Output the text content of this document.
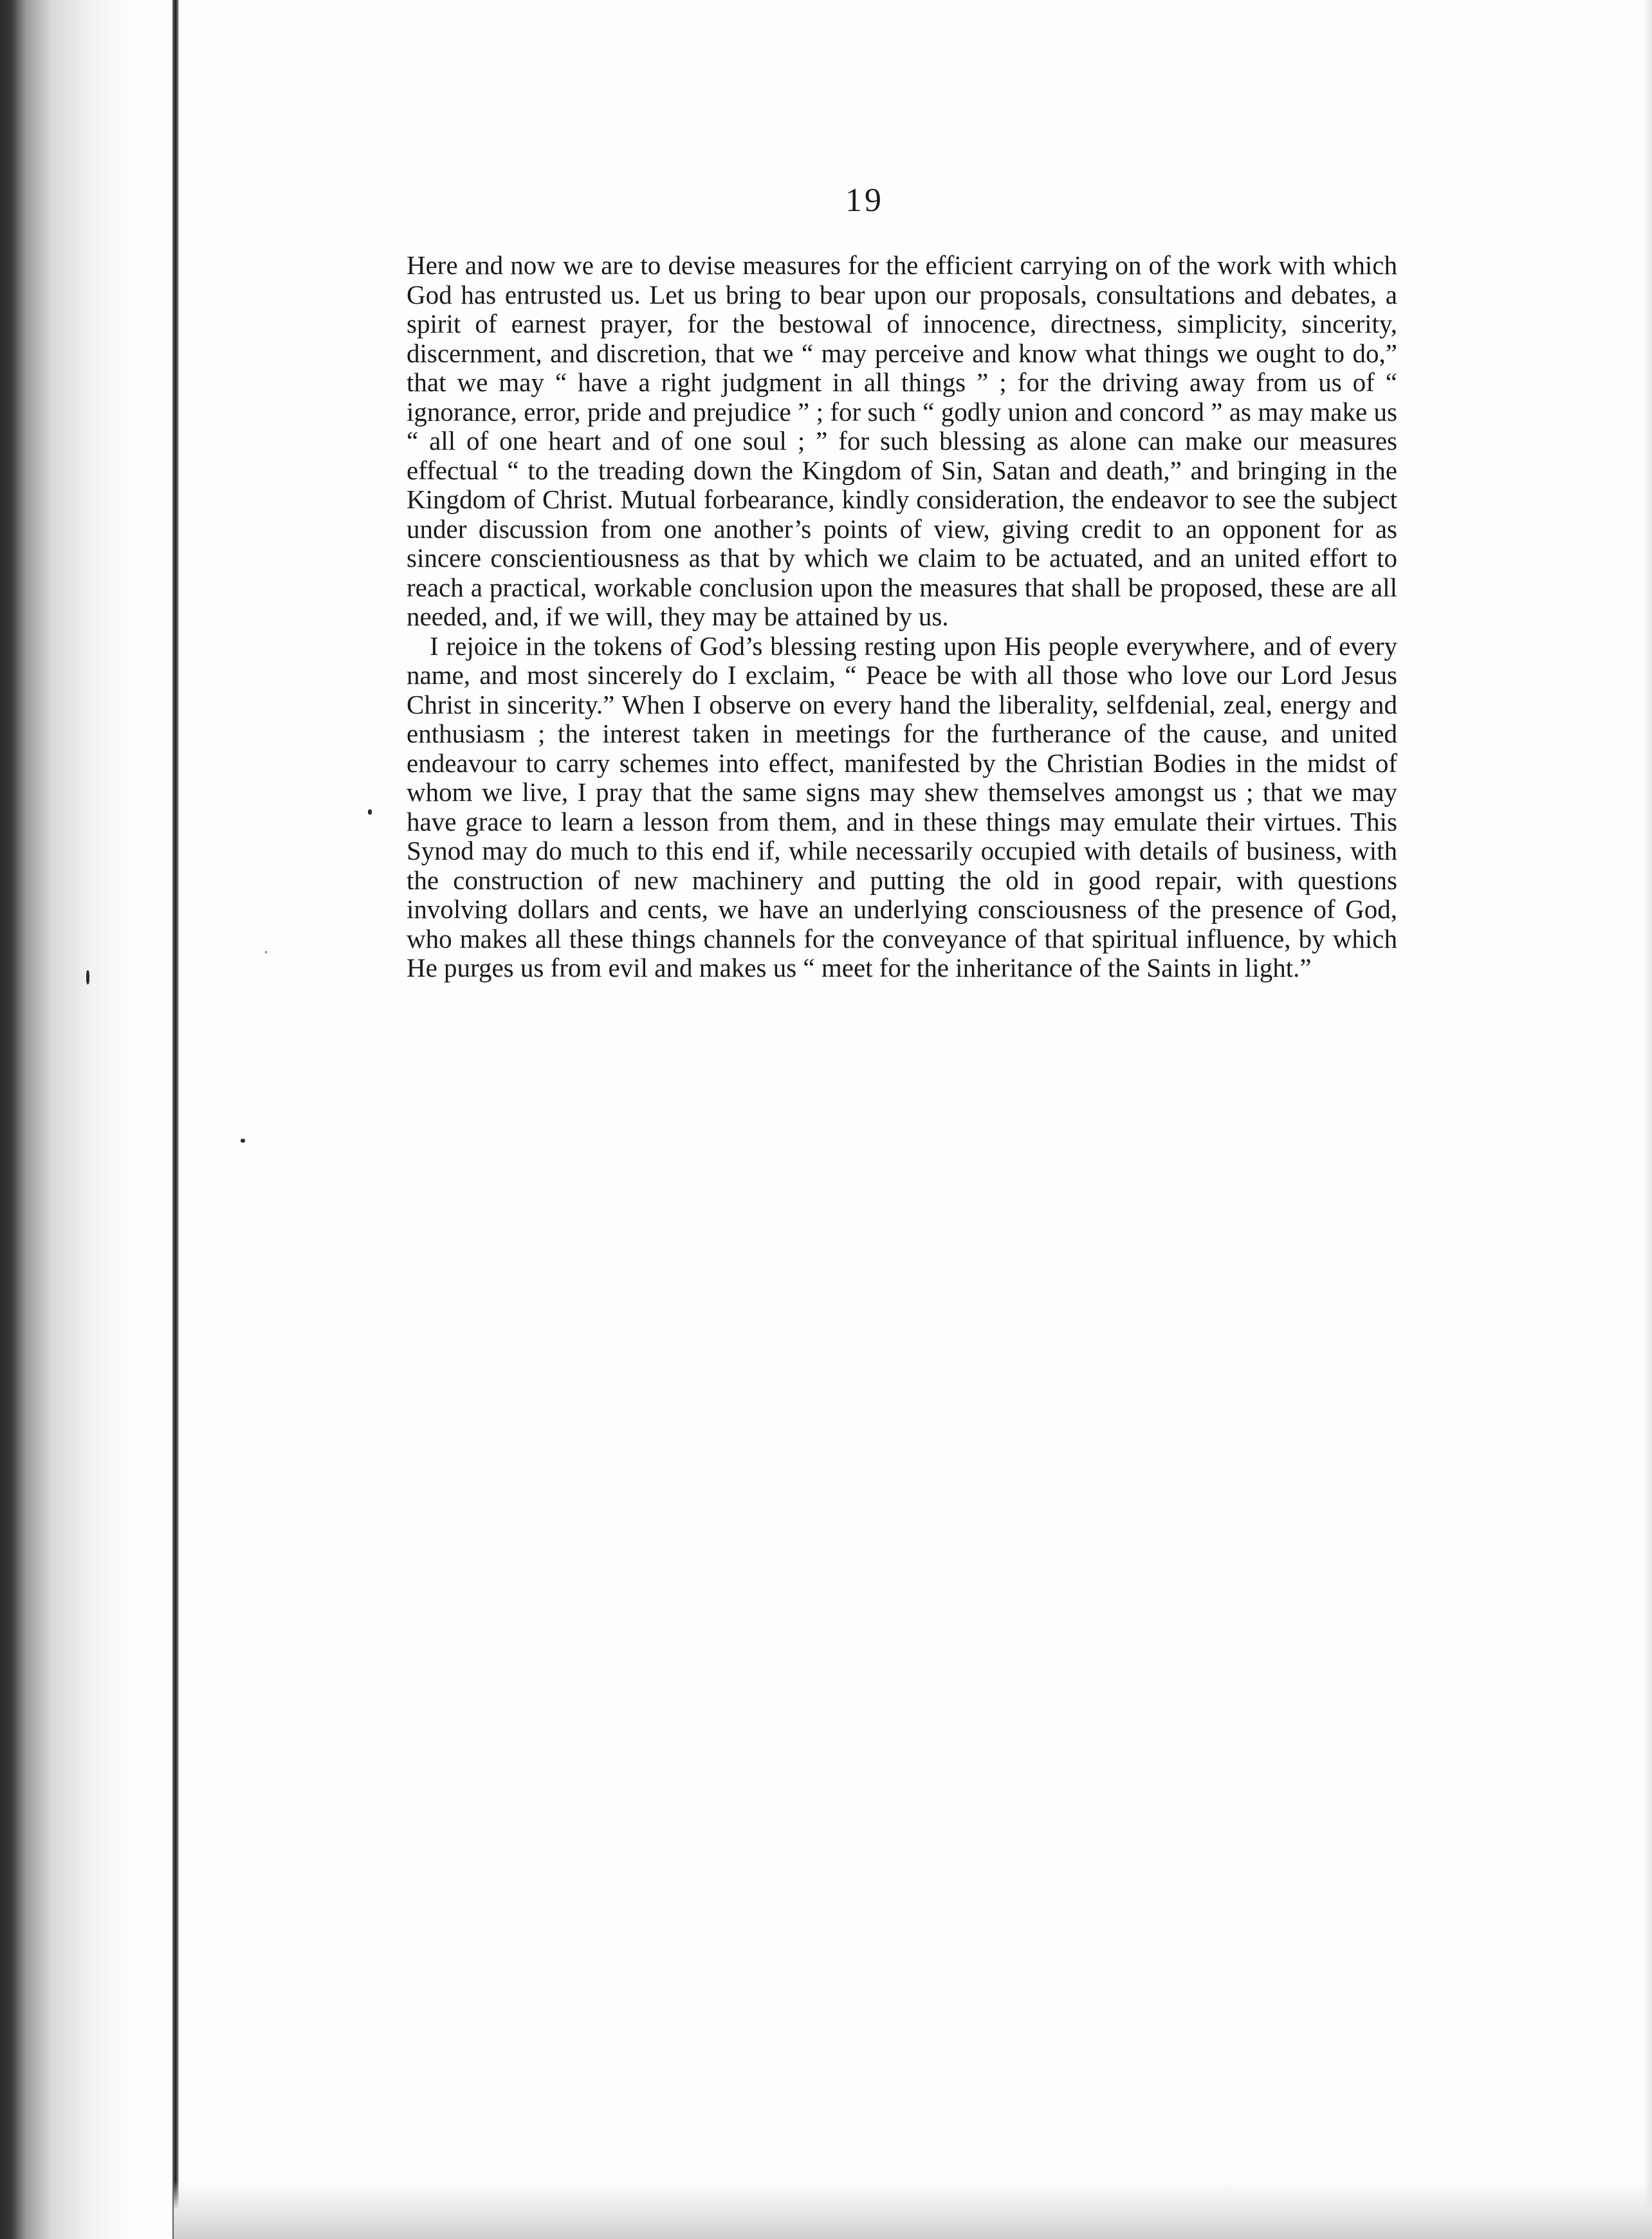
19

Here and now we are to devise measures for the efficient carrying on of the work with which God has entrusted us. Let us bring to bear upon our proposals, consultations and debates, a spirit of earnest prayer, for the bestowal of innocence, directness, simplicity, sincerity, discernment, and discretion, that we “ may perceive and know what things we ought to do,” that we may “ have a right judgment in all things ” ; for the driving away from us of “ ignorance, error, pride and prejudice ” ; for such “ godly union and concord ” as may make us “ all of one heart and of one soul ; ” for such blessing as alone can make our measures effectual “ to the treading down the Kingdom of Sin, Satan and death,” and bringing in the Kingdom of Christ. Mutual forbearance, kindly consideration, the endeavor to see the subject under discussion from one another’s points of view, giving credit to an opponent for as sincere conscientiousness as that by which we claim to be actuated, and an united effort to reach a practical, workable conclusion upon the measures that shall be proposed, these are all needed, and, if we will, they may be attained by us.

I rejoice in the tokens of God’s blessing resting upon His people everywhere, and of every name, and most sincerely do I exclaim, “ Peace be with all those who love our Lord Jesus Christ in sincerity.” When I observe on every hand the liberality, selfdenial, zeal, energy and enthusiasm ; the interest taken in meetings for the furtherance of the cause, and united endeavour to carry schemes into effect, manifested by the Christian Bodies in the midst of whom we live, I pray that the same signs may shew themselves amongst us ; that we may have grace to learn a lesson from them, and in these things may emulate their virtues. This Synod may do much to this end if, while necessarily occupied with details of business, with the construction of new machinery and putting the old in good repair, with questions involving dollars and cents, we have an underlying consciousness of the presence of God, who makes all these things channels for the conveyance of that spiritual influence, by which He purges us from evil and makes us “ meet for the inheritance of the Saints in light.”
